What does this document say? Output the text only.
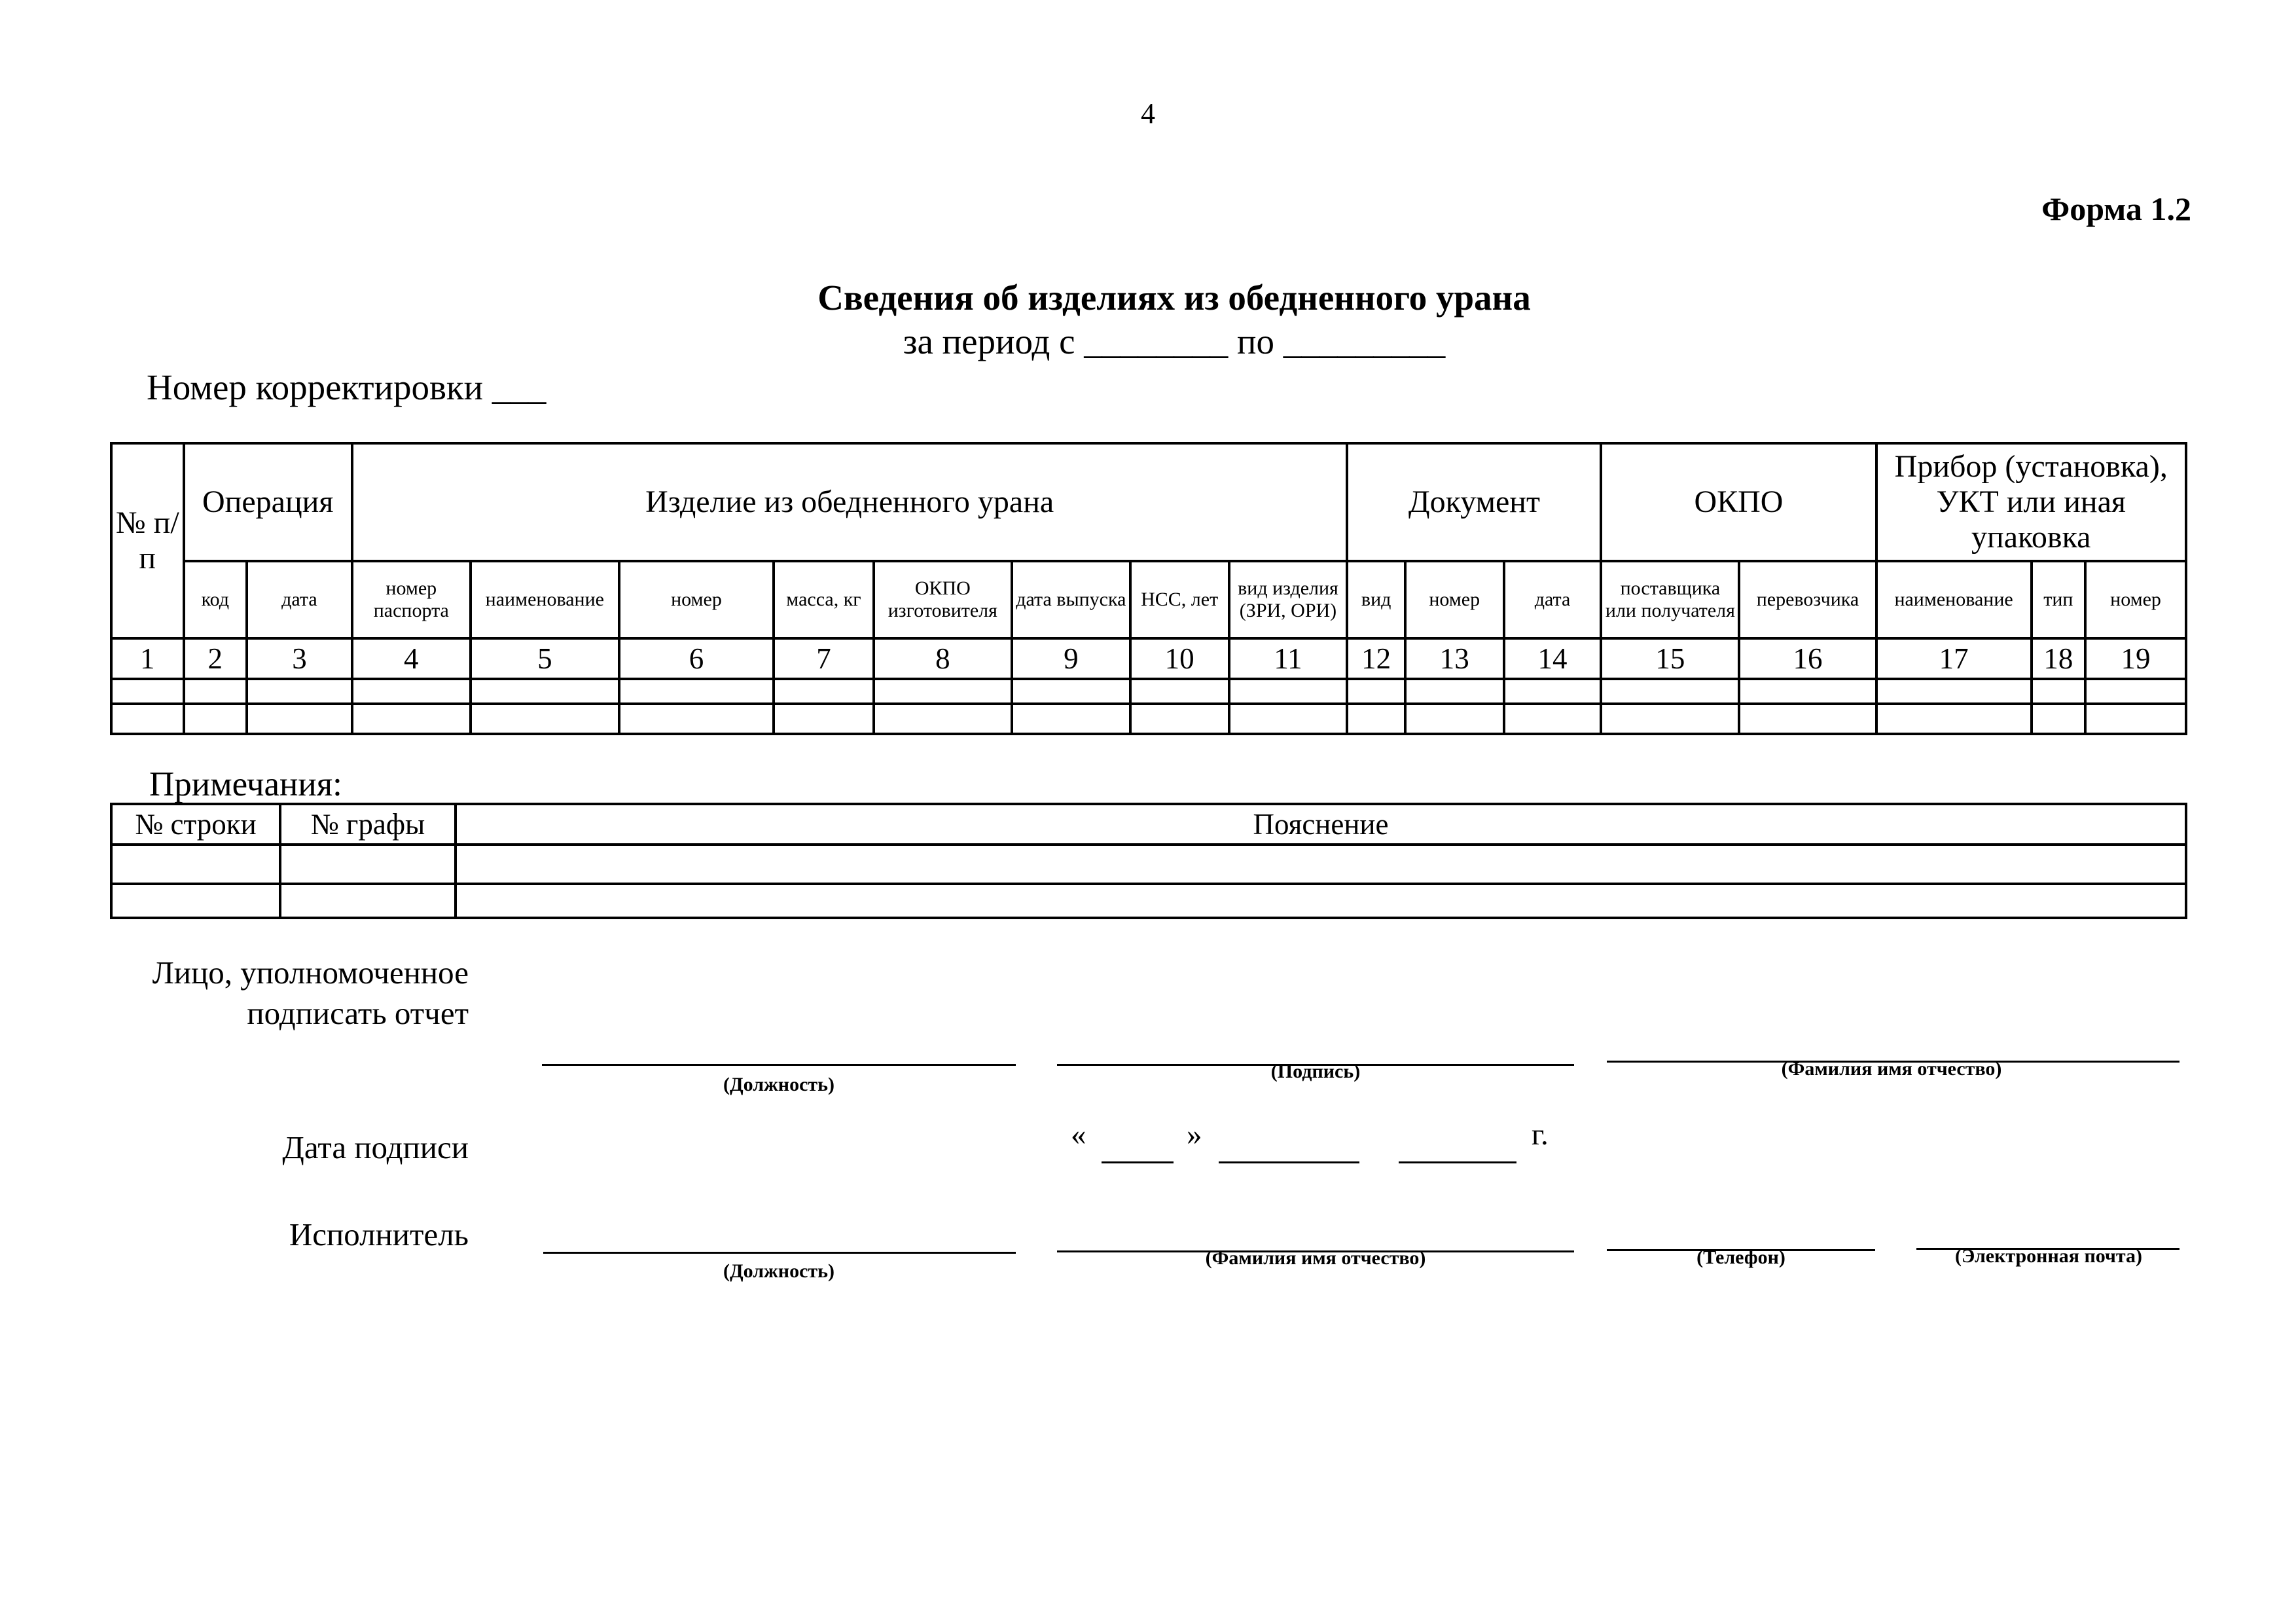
4
Форма 1.2
Сведения об изделиях из обедненного урана
за период с ________ по _________
Номер корректировки ___
№ п/п	Операция		Изделие из обедненного урана								Документ			ОКПО		Прибор (установка), УКТ или иная упаковка		
	код	дата	номер паспорта	наименование	номер	масса, кг	ОКПО изготовителя	дата выпуска	НСС, лет	вид изделия (ЗРИ, ОРИ)	вид	номер	дата	поставщика или получателя	перевозчика	наименование	тип	номер
1	2	3	4	5	6	7	8	9	10	11	12	13	14	15	16	17	18	19

Примечания:
№ строки	№ графы	Пояснение

Лицо, уполномоченное подписать отчет
(Должность)
(Подпись)	(Фамилия имя отчество)
Дата подписи	«	»	г.
Исполнитель
(Должность)
(Фамилия имя отчество)	(Телефон)	(Электронная почта)
